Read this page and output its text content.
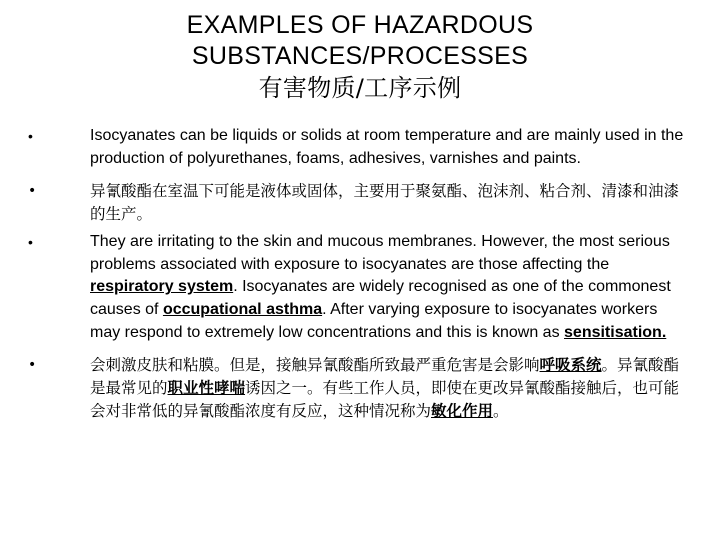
EXAMPLES OF HAZARDOUS
SUBSTANCES/PROCESSES
有害物质/工序示例
•	Isocyanates can be liquids or solids at room temperature and are mainly used in the production of polyurethanes, foams, adhesives, varnishes and paints.
•	异氰酸酯在室温下可能是液体或固体，主要用于聚氨酯、泡沫剂、粘合剂、清漆和油漆的生产。
•	They are irritating to the skin and mucous membranes. However, the most serious problems associated with exposure to isocyanates are those affecting the respiratory system. Isocyanates are widely recognised as one of the commonest causes of occupational asthma. After varying exposure to isocyanates workers may respond to extremely low concentrations and this is known as sensitisation.
•	会刺激皮肤和粘膜。但是，接触异氰酸酯所致最严重危害是会影响呼吸系统。异氰酸酯是最常见的职业性哮喘诱因之一。有些工作人员，即使在更改异氰酸酯接触后，也可能会对非常低的异氰酸酯浓度有反应，这种情况称为敏化作用。
